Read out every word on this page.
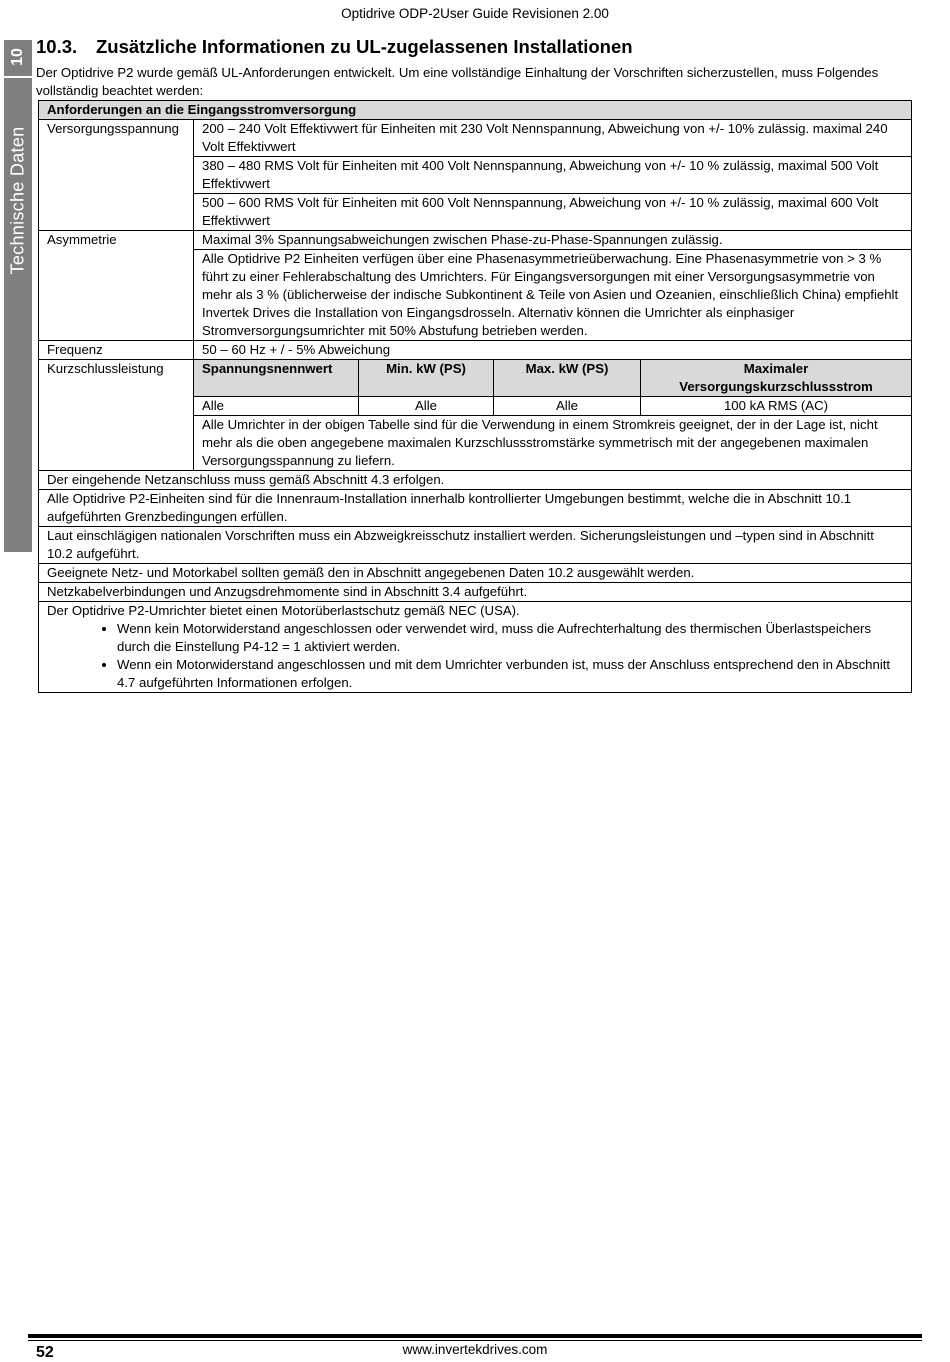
Optidrive ODP-2User Guide Revisionen 2.00
10
Technische Daten
10.3. Zusätzliche Informationen zu UL-zugelassenen Installationen
Der Optidrive P2 wurde gemäß UL-Anforderungen entwickelt. Um eine vollständige Einhaltung der Vorschriften sicherzustellen, muss Folgendes vollständig beachtet werden:
Anforderungen an die Eingangsstromversorgung
Versorgungsspannung	200 – 240 Volt Effektivwert für Einheiten mit 230 Volt Nennspannung, Abweichung von +/- 10% zulässig. maximal 240 Volt Effektivwert
	380 – 480 RMS Volt für Einheiten mit 400 Volt Nennspannung, Abweichung von +/- 10 % zulässig, maximal 500 Volt Effektivwert
	500 – 600 RMS Volt für Einheiten mit 600 Volt Nennspannung, Abweichung von +/- 10 % zulässig, maximal 600 Volt Effektivwert
Asymmetrie	Maximal 3% Spannungsabweichungen zwischen Phase-zu-Phase-Spannungen zulässig.
	Alle Optidrive P2 Einheiten verfügen über eine Phasenasymmetrieüberwachung. Eine Phasenasymmetrie von > 3 % führt zu einer Fehlerabschaltung des Umrichters. Für Eingangsversorgungen mit einer Versorgungsasymmetrie von mehr als 3 % (üblicherweise der indische Subkontinent & Teile von Asien und Ozeanien, einschließlich China) empfiehlt Invertek Drives die Installation von Eingangsdrosseln. Alternativ können die Umrichter als einphasiger Stromversorgungsumrichter mit 50% Abstufung betrieben werden.
Frequenz	50 – 60 Hz + / - 5% Abweichung
Kurzschlussleistung		Spannungsnennwert	Min. kW (PS)	Max. kW (PS)	Maximaler Versorgungskurzschlussstrom
Alle	Alle	Alle	100 kA RMS (AC)
Alle Umrichter in der obigen Tabelle sind für die Verwendung in einem Stromkreis geeignet, der in der Lage ist, nicht mehr als die oben angegebene maximalen Kurzschlussstromstärke symmetrisch mit der angegebenen maximalen Versorgungsspannung zu liefern.

Der eingehende Netzanschluss muss gemäß Abschnitt 4.3 erfolgen.
Alle Optidrive P2-Einheiten sind für die Innenraum-Installation innerhalb kontrollierter Umgebungen bestimmt, welche die in Abschnitt 10.1 aufgeführten Grenzbedingungen erfüllen.
Laut einschlägigen nationalen Vorschriften muss ein Abzweigkreisschutz installiert werden. Sicherungsleistungen und –typen sind in Abschnitt 10.2 aufgeführt.
Geeignete Netz- und Motorkabel sollten gemäß den in Abschnitt angegebenen Daten 10.2 ausgewählt werden.
Netzkabelverbindungen und Anzugsdrehmomente sind in Abschnitt 3.4 aufgeführt.

Der Optidrive P2-Umrichter bietet einen Motorüberlastschutz gemäß NEC (USA).
• Wenn kein Motorwiderstand angeschlossen oder verwendet wird, muss die Aufrechterhaltung des thermischen Überlastspeichers durch die Einstellung P4-12 = 1 aktiviert werden.
• Wenn ein Motorwiderstand angeschlossen und mit dem Umrichter verbunden ist, muss der Anschluss entsprechend den in Abschnitt 4.7 aufgeführten Informationen erfolgen.
52	www.invertekdrives.com
